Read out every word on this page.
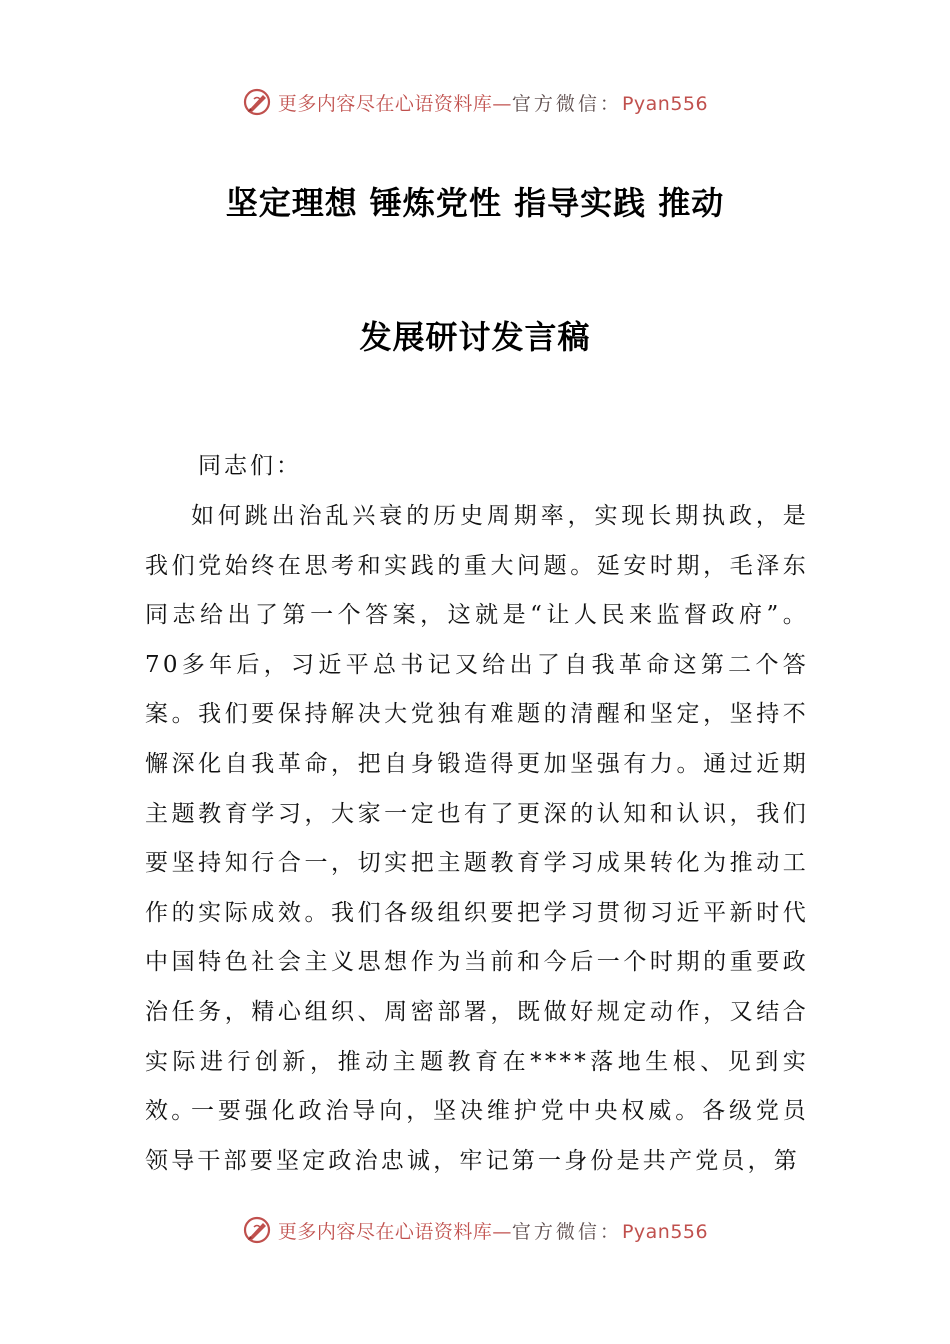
更多内容尽在心语资料库—官方微信：Pyan556
坚定理想 锤炼党性 指导实践 推动
发展研讨发言稿
同志们：

如何跳出治乱兴衰的历史周期率，实现长期执政，是我们党始终在思考和实践的重大问题。延安时期，毛泽东同志给出了第一个答案，这就是“让人民来监督政府”。70多年后，习近平总书记又给出了自我革命这第二个答案。我们要保持解决大党独有难题的清醒和坚定，坚持不懈深化自我革命，把自身锻造得更加坚强有力。通过近期主题教育学习，大家一定也有了更深的认知和认识，我们要坚持知行合一，切实把主题教育学习成果转化为推动工作的实际成效。我们各级组织要把学习贯彻习近平新时代中国特色社会主义思想作为当前和今后一个时期的重要政治任务，精心组织、周密部署，既做好规定动作，又结合实际进行创新，推动主题教育在****落地生根、见到实效。

一要强化政治导向，坚决维护党中央权威。各级党员领导干部要坚定政治忠诚，牢记第一身份是共产党员，第

更多内容尽在心语资料库—官方微信：Pyan556
